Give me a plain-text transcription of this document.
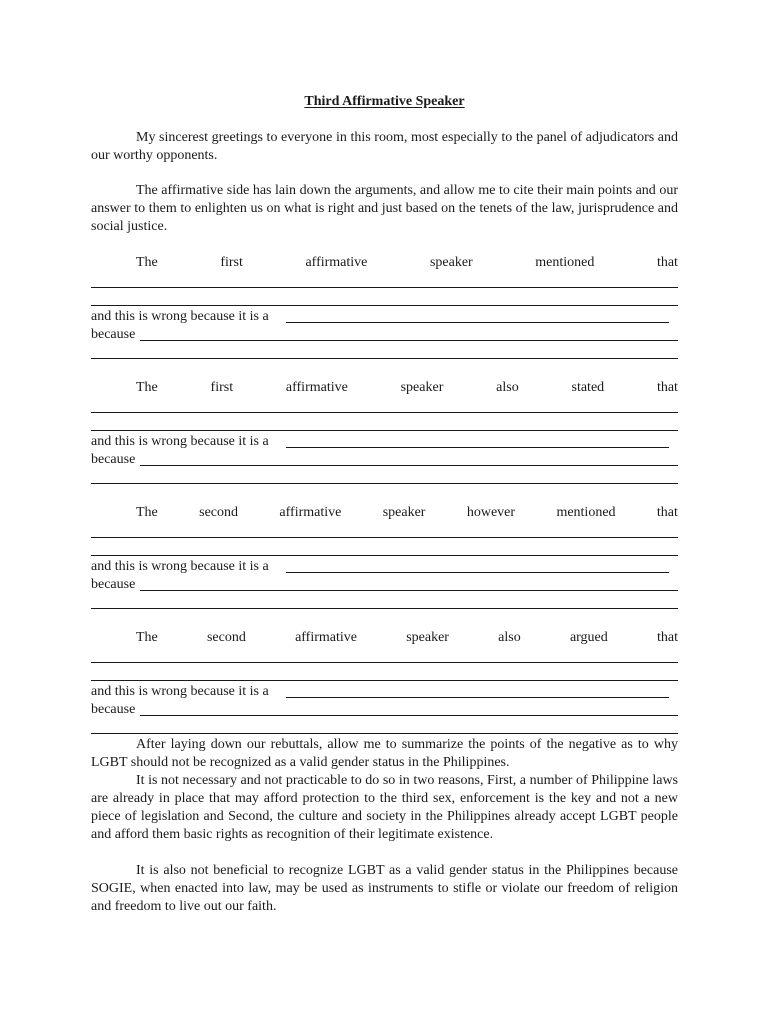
Third Affirmative Speaker
My sincerest greetings to everyone in this room, most especially to the panel of adjudicators and our worthy opponents.
The affirmative side has lain down the arguments, and allow me to cite their main points and our answer to them to enlighten us on what is right and just based on the tenets of the law, jurisprudence and social justice.
The	first	affirmative	speaker	mentioned	that
and this is wrong because it is a
because
The	first	affirmative	speaker	also	stated	that
and this is wrong because it is a
because
The	second	affirmative	speaker	however	mentioned	that
and this is wrong because it is a
because
The	second	affirmative	speaker	also	argued	that
and this is wrong because it is a
because
After laying down our rebuttals, allow me to summarize the points of the negative as to why LGBT should not be recognized as a valid gender status in the Philippines.
It is not necessary and not practicable to do so in two reasons, First, a number of Philippine laws are already in place that may afford protection to the third sex, enforcement is the key and not a new piece of legislation and Second, the culture and society in the Philippines already accept LGBT people and afford them basic rights as recognition of their legitimate existence.
It is also not beneficial to recognize LGBT as a valid gender status in the Philippines because SOGIE, when enacted into law, may be used as instruments to stifle or violate our freedom of religion and freedom to live out our faith.
